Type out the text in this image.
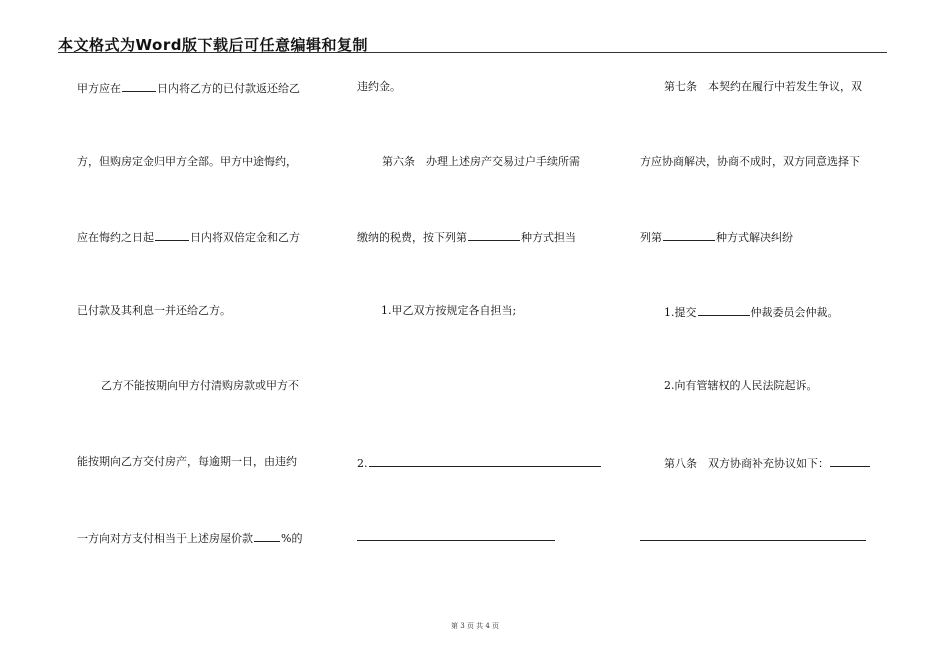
本文格式为Word版下载后可任意编辑和复制
甲方应在	日内将乙方的已付款返还给乙
方，但购房定金归甲方全部。甲方中途悔约，
应在悔约之日起	日内将双倍定金和乙方
已付款及其利息一并还给乙方。
乙方不能按期向甲方付清购房款或甲方不
能按期向乙方交付房产，每逾期一日，由违约
一方向对方支付相当于上述房屋价款	%的
违约金。
第六条　办理上述房产交易过户手续所需
缴纳的税费，按下列第	种方式担当
1.甲乙双方按规定各自担当;
2.
第七条　本契约在履行中若发生争议，双
方应协商解决，协商不成时，双方同意选择下
列第	种方式解决纠纷
1.提交	仲裁委员会仲裁。
2.向有管辖权的人民法院起诉。
第八条　双方协商补充协议如下：
第 3 页 共 4 页
